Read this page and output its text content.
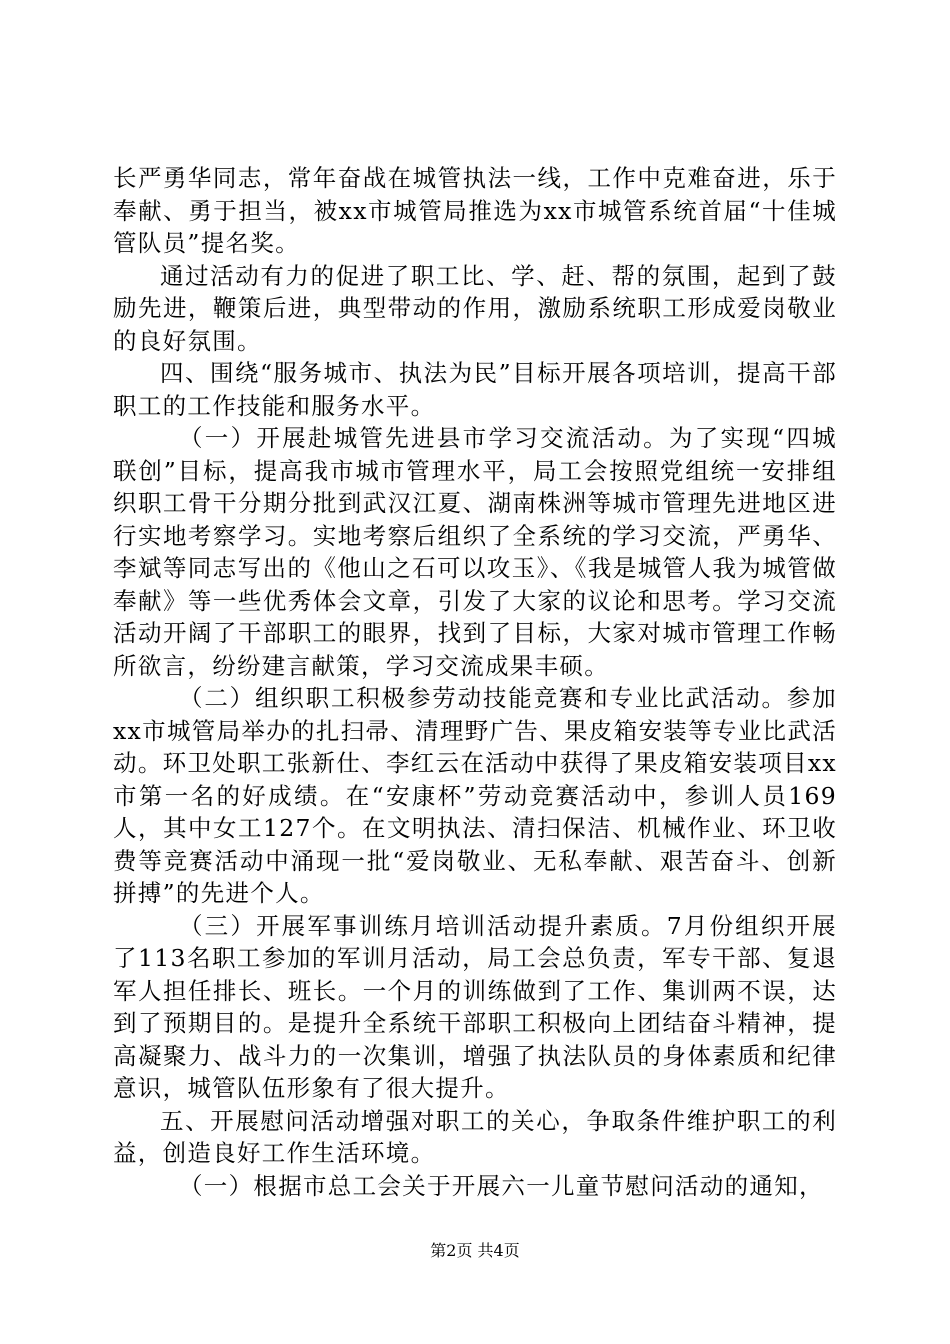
长严勇华同志，常年奋战在城管执法一线，工作中克难奋进，乐于奉献、勇于担当，被xx市城管局推选为xx市城管系统首届“十佳城管队员”提名奖。

通过活动有力的促进了职工比、学、赶、帮的氛围，起到了鼓励先进，鞭策后进，典型带动的作用，激励系统职工形成爱岗敬业的良好氛围。

四、围绕“服务城市、执法为民”目标开展各项培训，提高干部职工的工作技能和服务水平。

（一）开展赴城管先进县市学习交流活动。为了实现“四城联创”目标，提高我市城市管理水平，局工会按照党组统一安排组织职工骨干分期分批到武汉江夏、湖南株洲等城市管理先进地区进行实地考察学习。实地考察后组织了全系统的学习交流，严勇华、李斌等同志写出的《他山之石可以攻玉》、《我是城管人我为城管做奉献》等一些优秀体会文章，引发了大家的议论和思考。学习交流活动开阔了干部职工的眼界，找到了目标，大家对城市管理工作畅所欲言，纷纷建言献策，学习交流成果丰硕。

（二）组织职工积极参劳动技能竞赛和专业比武活动。参加xx市城管局举办的扎扫帚、清理野广告、果皮箱安装等专业比武活动。环卫处职工张新仕、李红云在活动中获得了果皮箱安装项目xx市第一名的好成绩。在“安康杯”劳动竞赛活动中，参训人员169人，其中女工127个。在文明执法、清扫保洁、机械作业、环卫收费等竞赛活动中涌现一批“爱岗敬业、无私奉献、艰苦奋斗、创新拼搏”的先进个人。

（三）开展军事训练月培训活动提升素质。7月份组织开展了113名职工参加的军训月活动，局工会总负责，军专干部、复退军人担任排长、班长。一个月的训练做到了工作、集训两不误，达到了预期目的。是提升全系统干部职工积极向上团结奋斗精神，提高凝聚力、战斗力的一次集训，增强了执法队员的身体素质和纪律意识，城管队伍形象有了很大提升。

五、开展慰问活动增强对职工的关心，争取条件维护职工的利益，创造良好工作生活环境。

（一）根据市总工会关于开展六一儿童节慰问活动的通知，

第2页 共4页
